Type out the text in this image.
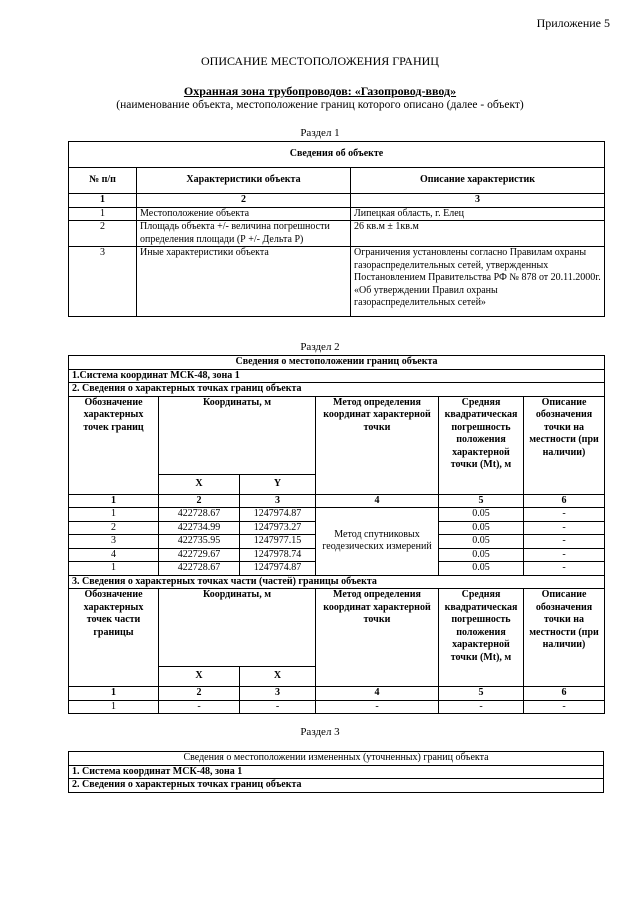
Приложение 5
ОПИСАНИЕ МЕСТОПОЛОЖЕНИЯ ГРАНИЦ
Охранная зона трубопроводов: «Газопровод-ввод»
(наименование объекта, местоположение границ которого описано (далее - объект)
Раздел 1
Сведения об объекте		
№ п/п	Характеристики объекта	Описание характеристик
1	2	3
1	Местоположение объекта	Липецкая область, г. Елец
2	Площадь объекта +/- величина погрешности определения площади (Р +/- Дельта Р)	26 кв.м ± 1кв.м
3	Иные характеристики объекта	Ограничения установлены согласно Правилам охраны газораспределительных сетей, утвержденных Постановлением Правительства РФ № 878 от 20.11.2000г. «Об утверждении Правил охраны газораспределительных сетей»
Раздел 2
Сведения о местоположении границ объекта					
1.Система координат МСК-48, зона 1					
2. Сведения о характерных точках границ объекта					
Обозначение характерных точек границ	Координаты, м		Метод определения координат характерной точки	Средняя квадратическая погрешность положения характерной точки (Mt), м	Описание обозначения точки на местности (при наличии)
	X	Y			
1	2	3	4	5	6
1	422728.67	1247974.87	Метод спутниковых геодезических измерений	0.05	-
2	422734.99	1247973.27		0.05	-
3	422735.95	1247977.15		0.05	-
4	422729.67	1247978.74		0.05	-
1	422728.67	1247974.87		0.05	-
3. Сведения о характерных точках части (частей) границы объекта					
Обозначение характерных точек части границы	Координаты, м		Метод определения координат характерной точки	Средняя квадратическая погрешность положения характерной точки (Mt), м	Описание обозначения точки на местности (при наличии)
	X	X			
1	2	3	4	5	6
1	-	-	-	-	-
Раздел 3
Сведения о местоположении измененных (уточненных) границ объекта
1. Система координат МСК-48, зона 1
2. Сведения о характерных точках границ объекта
